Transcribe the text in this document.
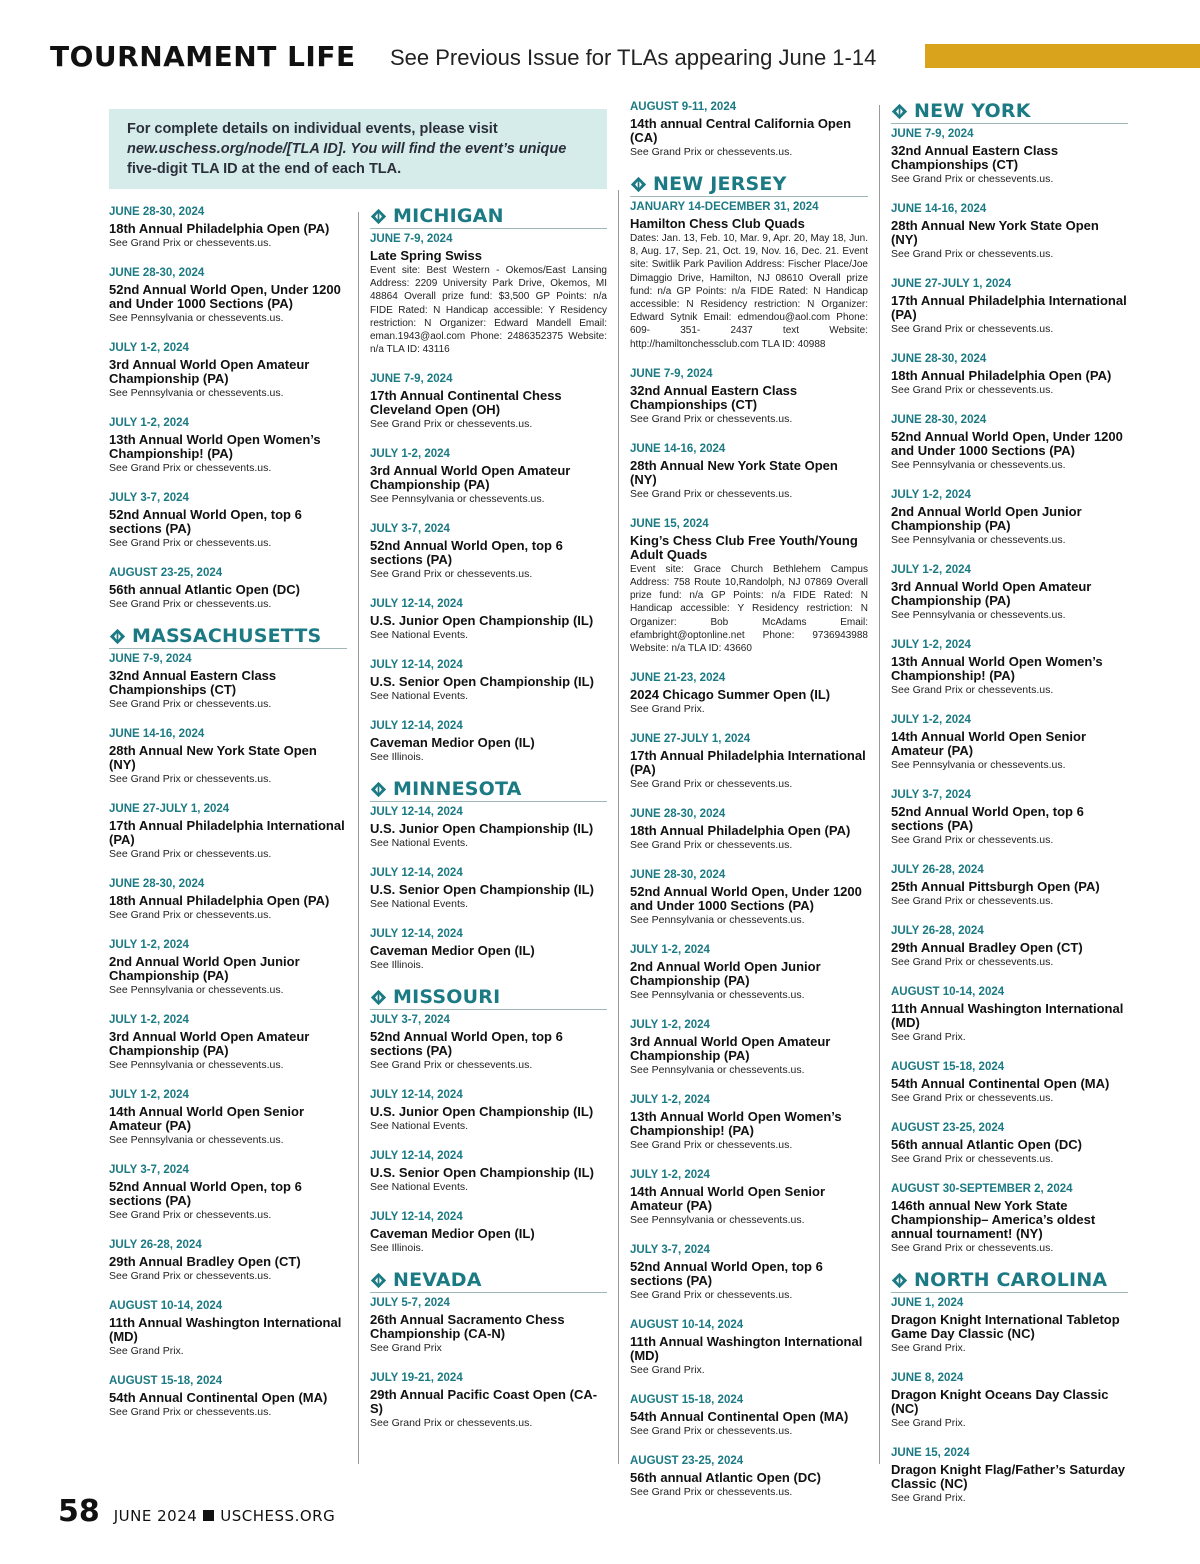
TOURNAMENT LIFE See Previous Issue for TLAs appearing June 1-14

For complete details on individual events, please visit

new.uschess.org/node/[TLA ID]. You will find the event’s unique

five-digit TLA ID at the end of each TLA.

JUNE 28-30, 2024
18th Annual Philadelphia Open (PA)
See Grand Prix or chessevents.us.
JUNE 28-30, 2024
52nd Annual World Open, Under 1200 and Under 1000 Sections (PA)
See Pennsylvania or chessevents.us.
JULY 1-2, 2024
3rd Annual World Open Amateur Championship (PA)
See Pennsylvania or chessevents.us.
JULY 1-2, 2024
13th Annual World Open Women’s Championship! (PA)
See Grand Prix or chessevents.us.
JULY 3-7, 2024
52nd Annual World Open, top 6 sections (PA)
See Grand Prix or chessevents.us.
AUGUST 23-25, 2024
56th annual Atlantic Open (DC)
See Grand Prix or chessevents.us.
MASSACHUSETTS
JUNE 7-9, 2024
32nd Annual Eastern Class Championships (CT)
See Grand Prix or chessevents.us.
JUNE 14-16, 2024
28th Annual New York State Open (NY)
See Grand Prix or chessevents.us.
JUNE 27-JULY 1, 2024
17th Annual Philadelphia International (PA)
See Grand Prix or chessevents.us.
JUNE 28-30, 2024
18th Annual Philadelphia Open (PA)
See Grand Prix or chessevents.us.
JULY 1-2, 2024
2nd Annual World Open Junior Championship (PA)
See Pennsylvania or chessevents.us.
JULY 1-2, 2024
3rd Annual World Open Amateur Championship (PA)
See Pennsylvania or chessevents.us.
JULY 1-2, 2024
14th Annual World Open Senior Amateur (PA)
See Pennsylvania or chessevents.us.
JULY 3-7, 2024
52nd Annual World Open, top 6 sections (PA)
See Grand Prix or chessevents.us.
JULY 26-28, 2024
29th Annual Bradley Open (CT)
See Grand Prix or chessevents.us.
AUGUST 10-14, 2024
11th Annual Washington International (MD)
See Grand Prix.
AUGUST 15-18, 2024
54th Annual Continental Open (MA)
See Grand Prix or chessevents.us.
MICHIGAN
JUNE 7-9, 2024
Late Spring Swiss
Event site: Best Western - Okemos/East Lansing Address: 2209 University Park Drive, Okemos, MI 48864 Overall prize fund: $3,500 GP Points: n/a FIDE Rated: N Handicap accessible: Y Residency restriction: N Organizer: Edward Mandell Email: eman.1943@aol.com Phone: 2486352375 Website: n/a TLA ID: 43116
JUNE 7-9, 2024
17th Annual Continental Chess Cleveland Open (OH)
See Grand Prix or chessevents.us.
JULY 1-2, 2024
3rd Annual World Open Amateur Championship (PA)
See Pennsylvania or chessevents.us.
JULY 3-7, 2024
52nd Annual World Open, top 6 sections (PA)
See Grand Prix or chessevents.us.
JULY 12-14, 2024
U.S. Junior Open Championship (IL)
See National Events.
JULY 12-14, 2024
U.S. Senior Open Championship (IL)
See National Events.
JULY 12-14, 2024
Caveman Medior Open (IL)
See Illinois.
MINNESOTA
JULY 12-14, 2024
U.S. Junior Open Championship (IL)
See National Events.
JULY 12-14, 2024
U.S. Senior Open Championship (IL)
See National Events.
JULY 12-14, 2024
Caveman Medior Open (IL)
See Illinois.
MISSOURI
JULY 3-7, 2024
52nd Annual World Open, top 6 sections (PA)
See Grand Prix or chessevents.us.
JULY 12-14, 2024
U.S. Junior Open Championship (IL)
See National Events.
JULY 12-14, 2024
U.S. Senior Open Championship (IL)
See National Events.
JULY 12-14, 2024
Caveman Medior Open (IL)
See Illinois.
NEVADA
JULY 5-7, 2024
26th Annual Sacramento Chess Championship (CA-N)
See Grand Prix
JULY 19-21, 2024
29th Annual Pacific Coast Open (CA-S)
See Grand Prix or chessevents.us.
AUGUST 9-11, 2024
14th annual Central California Open (CA)
See Grand Prix or chessevents.us.
NEW JERSEY
JANUARY 14-DECEMBER 31, 2024
Hamilton Chess Club Quads
Dates: Jan. 13, Feb. 10, Mar. 9, Apr. 20, May 18, Jun. 8, Aug. 17, Sep. 21, Oct. 19, Nov. 16, Dec. 21. Event site: Switlik Park Pavilion Address: Fischer Place/Joe Dimaggio Drive, Hamilton, NJ 08610 Overall prize fund: n/a GP Points: n/a FIDE Rated: N Handicap accessible: N Residency restriction: N Organizer: Edward Sytnik Email: edmendou@aol.com Phone: 609- 351- 2437 text Website: http://hamiltonchessclub.com TLA ID: 40988
JUNE 7-9, 2024
32nd Annual Eastern Class Championships (CT)
See Grand Prix or chessevents.us.
JUNE 14-16, 2024
28th Annual New York State Open (NY)
See Grand Prix or chessevents.us.
JUNE 15, 2024
King’s Chess Club Free Youth/Young Adult Quads
Event site: Grace Church Bethlehem Campus Address: 758 Route 10,Randolph, NJ 07869 Overall prize fund: n/a GP Points: n/a FIDE Rated: N Handicap accessible: Y Residency restriction: N Organizer: Bob McAdams Email: efambright@optonline.net Phone: 9736943988 Website: n/a TLA ID: 43660
JUNE 21-23, 2024
2024 Chicago Summer Open (IL)
See Grand Prix.
JUNE 27-JULY 1, 2024
17th Annual Philadelphia International (PA)
See Grand Prix or chessevents.us.
JUNE 28-30, 2024
18th Annual Philadelphia Open (PA)
See Grand Prix or chessevents.us.
JUNE 28-30, 2024
52nd Annual World Open, Under 1200 and Under 1000 Sections (PA)
See Pennsylvania or chessevents.us.
JULY 1-2, 2024
2nd Annual World Open Junior Championship (PA)
See Pennsylvania or chessevents.us.
JULY 1-2, 2024
3rd Annual World Open Amateur Championship (PA)
See Pennsylvania or chessevents.us.
JULY 1-2, 2024
13th Annual World Open Women’s Championship! (PA)
See Grand Prix or chessevents.us.
JULY 1-2, 2024
14th Annual World Open Senior Amateur (PA)
See Pennsylvania or chessevents.us.
JULY 3-7, 2024
52nd Annual World Open, top 6 sections (PA)
See Grand Prix or chessevents.us.
AUGUST 10-14, 2024
11th Annual Washington International (MD)
See Grand Prix.
AUGUST 15-18, 2024
54th Annual Continental Open (MA)
See Grand Prix or chessevents.us.
AUGUST 23-25, 2024
56th annual Atlantic Open (DC)
See Grand Prix or chessevents.us.
NEW YORK
JUNE 7-9, 2024
32nd Annual Eastern Class Championships (CT)
See Grand Prix or chessevents.us.
JUNE 14-16, 2024
28th Annual New York State Open (NY)
See Grand Prix or chessevents.us.
JUNE 27-JULY 1, 2024
17th Annual Philadelphia International (PA)
See Grand Prix or chessevents.us.
JUNE 28-30, 2024
18th Annual Philadelphia Open (PA)
See Grand Prix or chessevents.us.
JUNE 28-30, 2024
52nd Annual World Open, Under 1200 and Under 1000 Sections (PA)
See Pennsylvania or chessevents.us.
JULY 1-2, 2024
2nd Annual World Open Junior Championship (PA)
See Pennsylvania or chessevents.us.
JULY 1-2, 2024
3rd Annual World Open Amateur Championship (PA)
See Pennsylvania or chessevents.us.
JULY 1-2, 2024
13th Annual World Open Women’s Championship! (PA)
See Grand Prix or chessevents.us.
JULY 1-2, 2024
14th Annual World Open Senior Amateur (PA)
See Pennsylvania or chessevents.us.
JULY 3-7, 2024
52nd Annual World Open, top 6 sections (PA)
See Grand Prix or chessevents.us.
JULY 26-28, 2024
25th Annual Pittsburgh Open (PA)
See Grand Prix or chessevents.us.
JULY 26-28, 2024
29th Annual Bradley Open (CT)
See Grand Prix or chessevents.us.
AUGUST 10-14, 2024
11th Annual Washington International (MD)
See Grand Prix.
AUGUST 15-18, 2024
54th Annual Continental Open (MA)
See Grand Prix or chessevents.us.
AUGUST 23-25, 2024
56th annual Atlantic Open (DC)
See Grand Prix or chessevents.us.
AUGUST 30-SEPTEMBER 2, 2024
146th annual New York State Championship– America’s oldest annual tournament! (NY)
See Grand Prix or chessevents.us.
NORTH CAROLINA
JUNE 1, 2024
Dragon Knight International Tabletop Game Day Classic (NC)
See Grand Prix.
JUNE 8, 2024
Dragon Knight Oceans Day Classic (NC)
See Grand Prix.
JUNE 15, 2024
Dragon Knight Flag/Father’s Saturday Classic (NC)
See Grand Prix.
58 JUNE 2024 USCHESS.ORG
